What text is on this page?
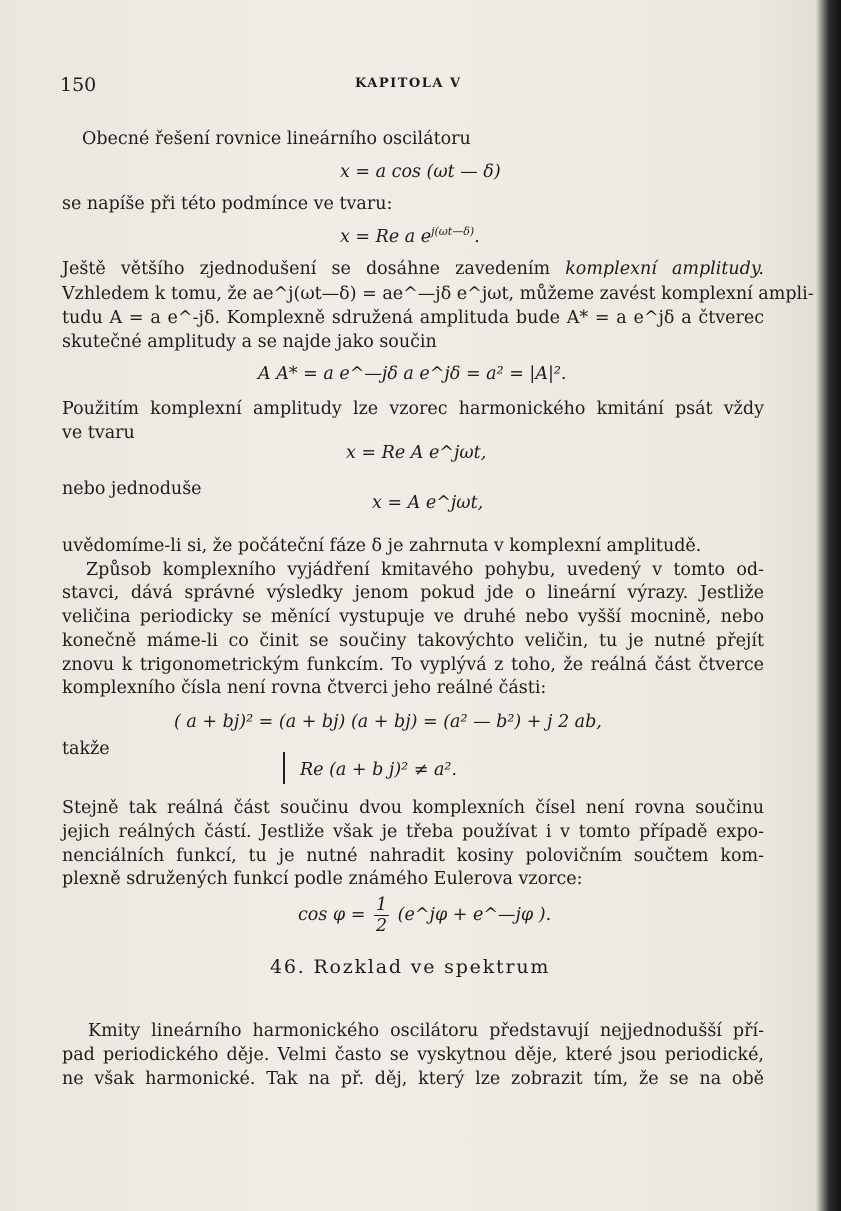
150	KAPITOLA V
Obecné řešení rovnice lineárního oscilátoru
x = a cos (ωt — δ)
se napíše při této podmínce ve tvaru:
x = Re a $e^{j(\omega t—\delta)}$.
Ještě většího zjednodušení se dosáhne zavedením komplexní amplitudy.
Vzhledem k tomu, že ae^j(ωt—δ) = ae^—jδ e^jωt, můžeme zavést komplexní ampli-
tudu A = a e^-jδ. Komplexně sdružená amplituda bude A* = a e^jδ a čtverec
skutečné amplitudy a se najde jako součin
A A* = a e^—jδ a e^jδ = a² = |A|².
Použitím komplexní amplitudy lze vzorec harmonického kmitání psát vždy
ve tvaru
x = Re A e^jωt,
nebo jednoduše
x = A e^jωt,
uvědomíme-li si, že počáteční fáze δ je zahrnuta v komplexní amplitudě.
Způsob komplexního vyjádření kmitavého pohybu, uvedený v tomto od-
stavci, dává správné výsledky jenom pokud jde o lineární výrazy. Jestliže
veličina periodicky se měnící vystupuje ve druhé nebo vyšší mocnině, nebo
konečně máme-li co činit se součiny takovýchto veličin, tu je nutné přejít
znovu k trigonometrickým funkcím. To vyplývá z toho, že reálná část čtverce
komplexního čísla není rovna čtverci jeho reálné části:
( a + bj)² = (a + bj) (a + bj) = (a² — b²) + j 2 ab,
takže
Re (a + b j)² ≠ a².
Stejně tak reálná část součinu dvou komplexních čísel není rovna součinu
jejich reálných částí. Jestliže však je třeba používat i v tomto případě expo-
nenciálních funkcí, tu je nutné nahradit kosiny polovičním součtem kom-
plexně sdružených funkcí podle známého Eulerova vzorce:
$\cos \varphi = \frac{1}{2}$ (e^jφ + e^—jφ ).
46. Rozklad ve spektrum
Kmity lineárního harmonického oscilátoru představují nejjednodušší pří-
pad periodického děje. Velmi často se vyskytnou děje, které jsou periodické,
ne však harmonické. Tak na př. děj, který lze zobrazit tím, že se na obě
